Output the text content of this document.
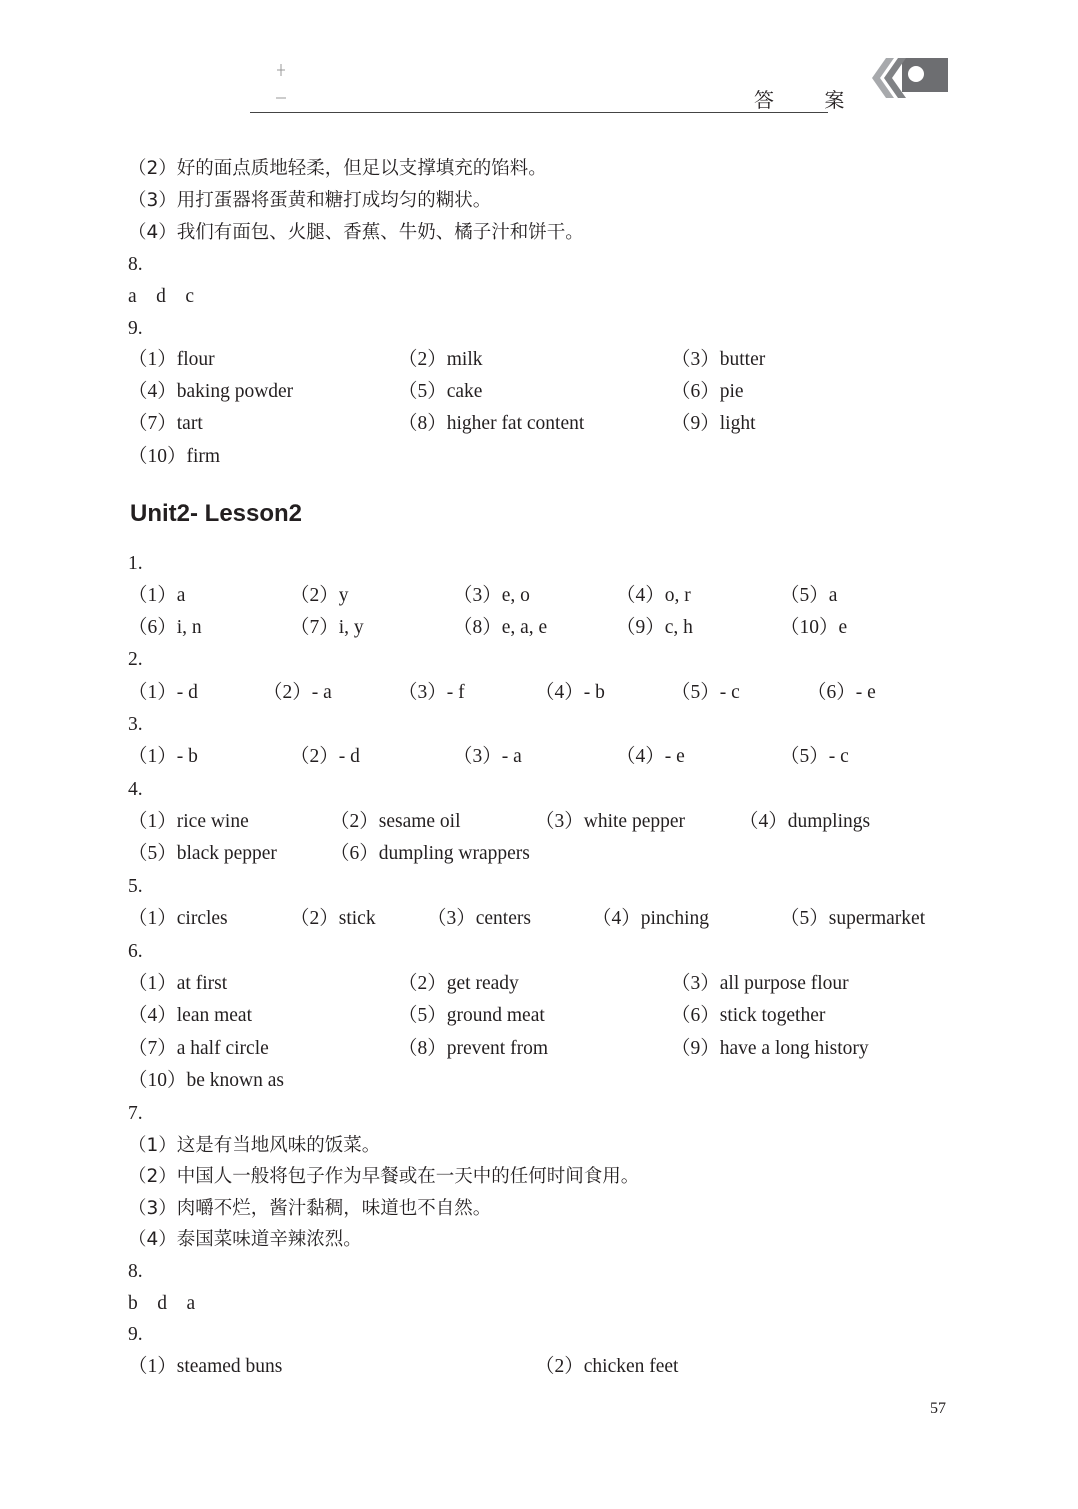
答 案
（2）好的面点质地轻柔，但足以支撑填充的馅料。
（3）用打蛋器将蛋黄和糖打成均匀的糊状。
（4）我们有面包、火腿、香蕉、牛奶、橘子汁和饼干。
8.
a　d　c
9.
（1）flour	（2）milk	（3）butter
（4）baking powder	（5）cake	（6）pie
（7）tart	（8）higher fat content	（9）light
（10）firm
Unit2- Lesson2
1.
（1）a	（2）y	（3）e, o	（4）o, r	（5）a
（6）i, n	（7）i, y	（8）e, a, e	（9）c, h	（10）e
2.
（1）- d	（2）- a	（3）- f	（4）- b	（5）- c	（6）- e
3.
（1）- b	（2）- d	（3）- a	（4）- e	（5）- c
4.
（1）rice wine	（2）sesame oil	（3）white pepper	（4）dumplings
（5）black pepper	（6）dumpling wrappers
5.
（1）circles	（2）stick	（3）centers	（4）pinching	（5）supermarket
6.
（1）at first	（2）get ready	（3）all purpose flour
（4）lean meat	（5）ground meat	（6）stick together
（7）a half circle	（8）prevent from	（9）have a long history
（10）be known as
7.
（1）这是有当地风味的饭菜。
（2）中国人一般将包子作为早餐或在一天中的任何时间食用。
（3）肉嚼不烂，酱汁黏稠，味道也不自然。
（4）泰国菜味道辛辣浓烈。
8.
b　d　a
9.
（1）steamed buns	（2）chicken feet
57
